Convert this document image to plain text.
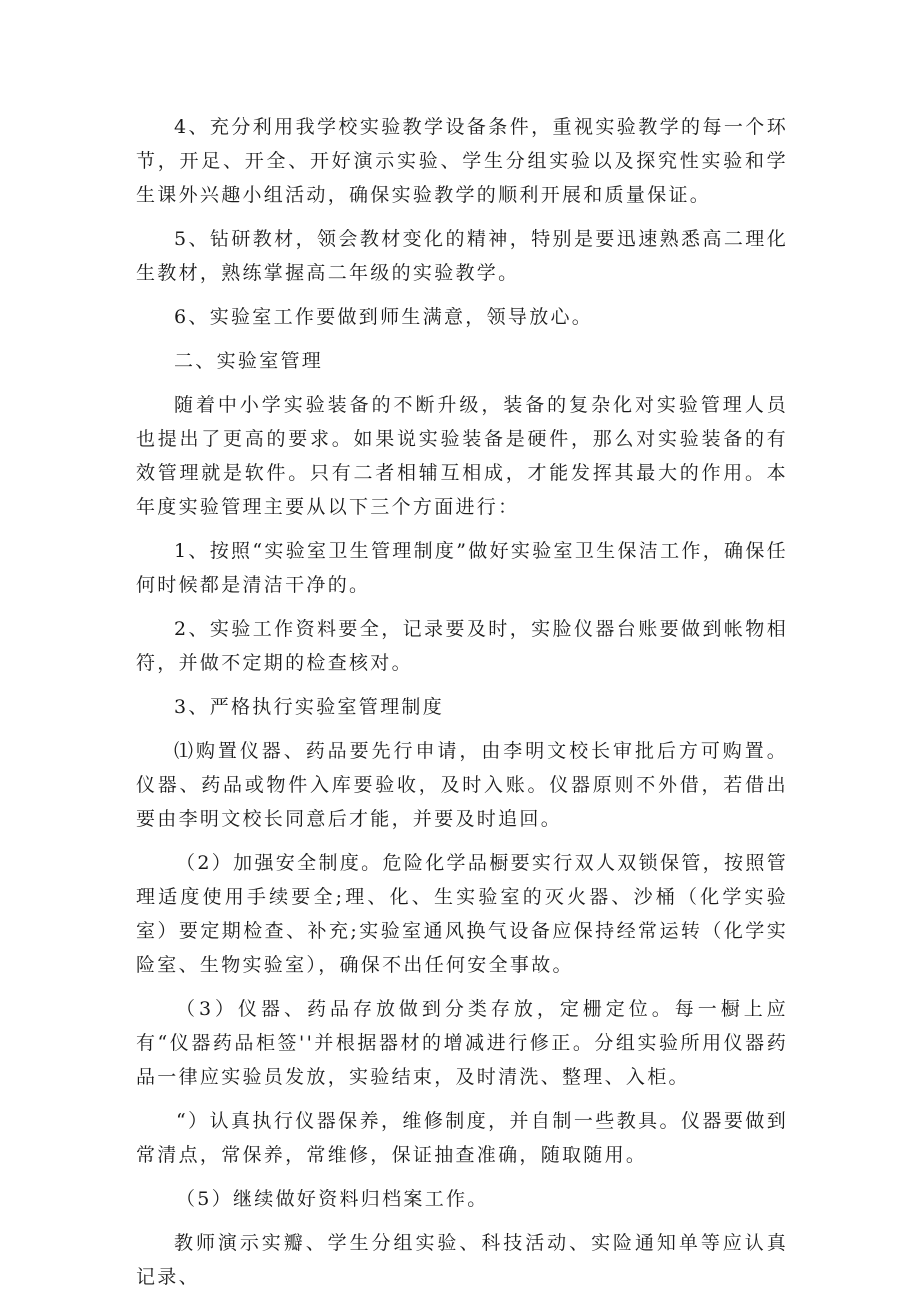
4、充分利用我学校实验教学设备条件，重视实验教学的每一个环节，开足、开全、开好演示实验、学生分组实验以及探究性实验和学生课外兴趣小组活动，确保实验教学的顺利开展和质量保证。

5、钻研教材，领会教材变化的精神，特别是要迅速熟悉高二理化生教材，熟练掌握高二年级的实验教学。

6、实验室工作要做到师生满意，领导放心。

二、实验室管理

随着中小学实验装备的不断升级，装备的复杂化对实验管理人员也提出了更高的要求。如果说实验装备是硬件，那么对实验装备的有效管理就是软件。只有二者相辅互相成，才能发挥其最大的作用。本年度实验管理主要从以下三个方面进行：

1、按照“实验室卫生管理制度”做好实验室卫生保洁工作，确保任何时候都是清洁干净的。

2、实验工作资料要全，记录要及时，实脸仪器台账要做到帐物相符，并做不定期的检查核对。

3、严格执行实验室管理制度

⑴购置仪器、药品要先行申请，由李明文校长审批后方可购置。仪器、药品或物件入库要验收，及时入账。仪器原则不外借，若借出要由李明文校长同意后才能，并要及时追回。

（2）加强安全制度。危险化学品橱要实行双人双锁保管，按照管理适度使用手续要全;理、化、生实验室的灭火器、沙桶（化学实验室）要定期检查、补充;实验室通风换气设备应保持经常运转（化学实险室、生物实验室），确保不出任何安全事故。

（3）仪器、药品存放做到分类存放，定栅定位。每一橱上应有“仪器药品柜签''并根据器材的增减进行修正。分组实验所用仪器药品一律应实验员发放，实验结束，及时清洗、整理、入柜。

“）认真执行仪器保养，维修制度，并自制一些教具。仪器要做到常清点，常保养，常维修，保证抽查准确，随取随用。

（5）继续做好资料归档案工作。

教师演示实瓣、学生分组实验、科技活动、实险通知单等应认真记录、
